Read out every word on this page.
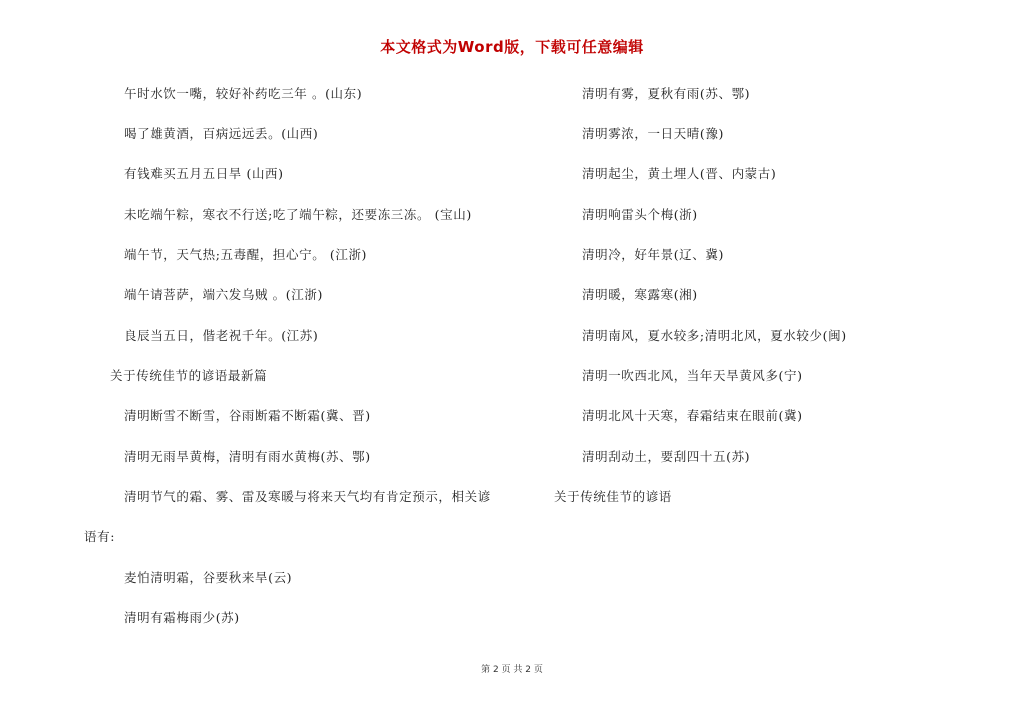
本文格式为Word版，下载可任意编辑
午时水饮一嘴，较好补药吃三年 。(山东)
喝了雄黄酒，百病远远丢。(山西)
有钱难买五月五日旱 (山西)
未吃端午粽，寒衣不行送;吃了端午粽，还要冻三冻。 (宝山)
端午节，天气热;五毒醒，担心宁。 (江浙)
端午请菩萨，端六发乌贼 。(江浙)
良辰当五日，偕老祝千年。(江苏)
关于传统佳节的谚语最新篇
清明断雪不断雪，谷雨断霜不断霜(冀、晋)
清明无雨旱黄梅，清明有雨水黄梅(苏、鄂)
清明节气的霜、雾、雷及寒暖与将来天气均有肯定预示，相关谚
语有:
麦怕清明霜，谷要秋来旱(云)
清明有霜梅雨少(苏)
清明有雾，夏秋有雨(苏、鄂)
清明雾浓，一日天晴(豫)
清明起尘，黄土埋人(晋、内蒙古)
清明响雷头个梅(浙)
清明冷，好年景(辽、冀)
清明暖，寒露寒(湘)
清明南风，夏水较多;清明北风，夏水较少(闽)
清明一吹西北风，当年天旱黄风多(宁)
清明北风十天寒，春霜结束在眼前(冀)
清明刮动土，要刮四十五(苏)
关于传统佳节的谚语
第 2 页 共 2 页
